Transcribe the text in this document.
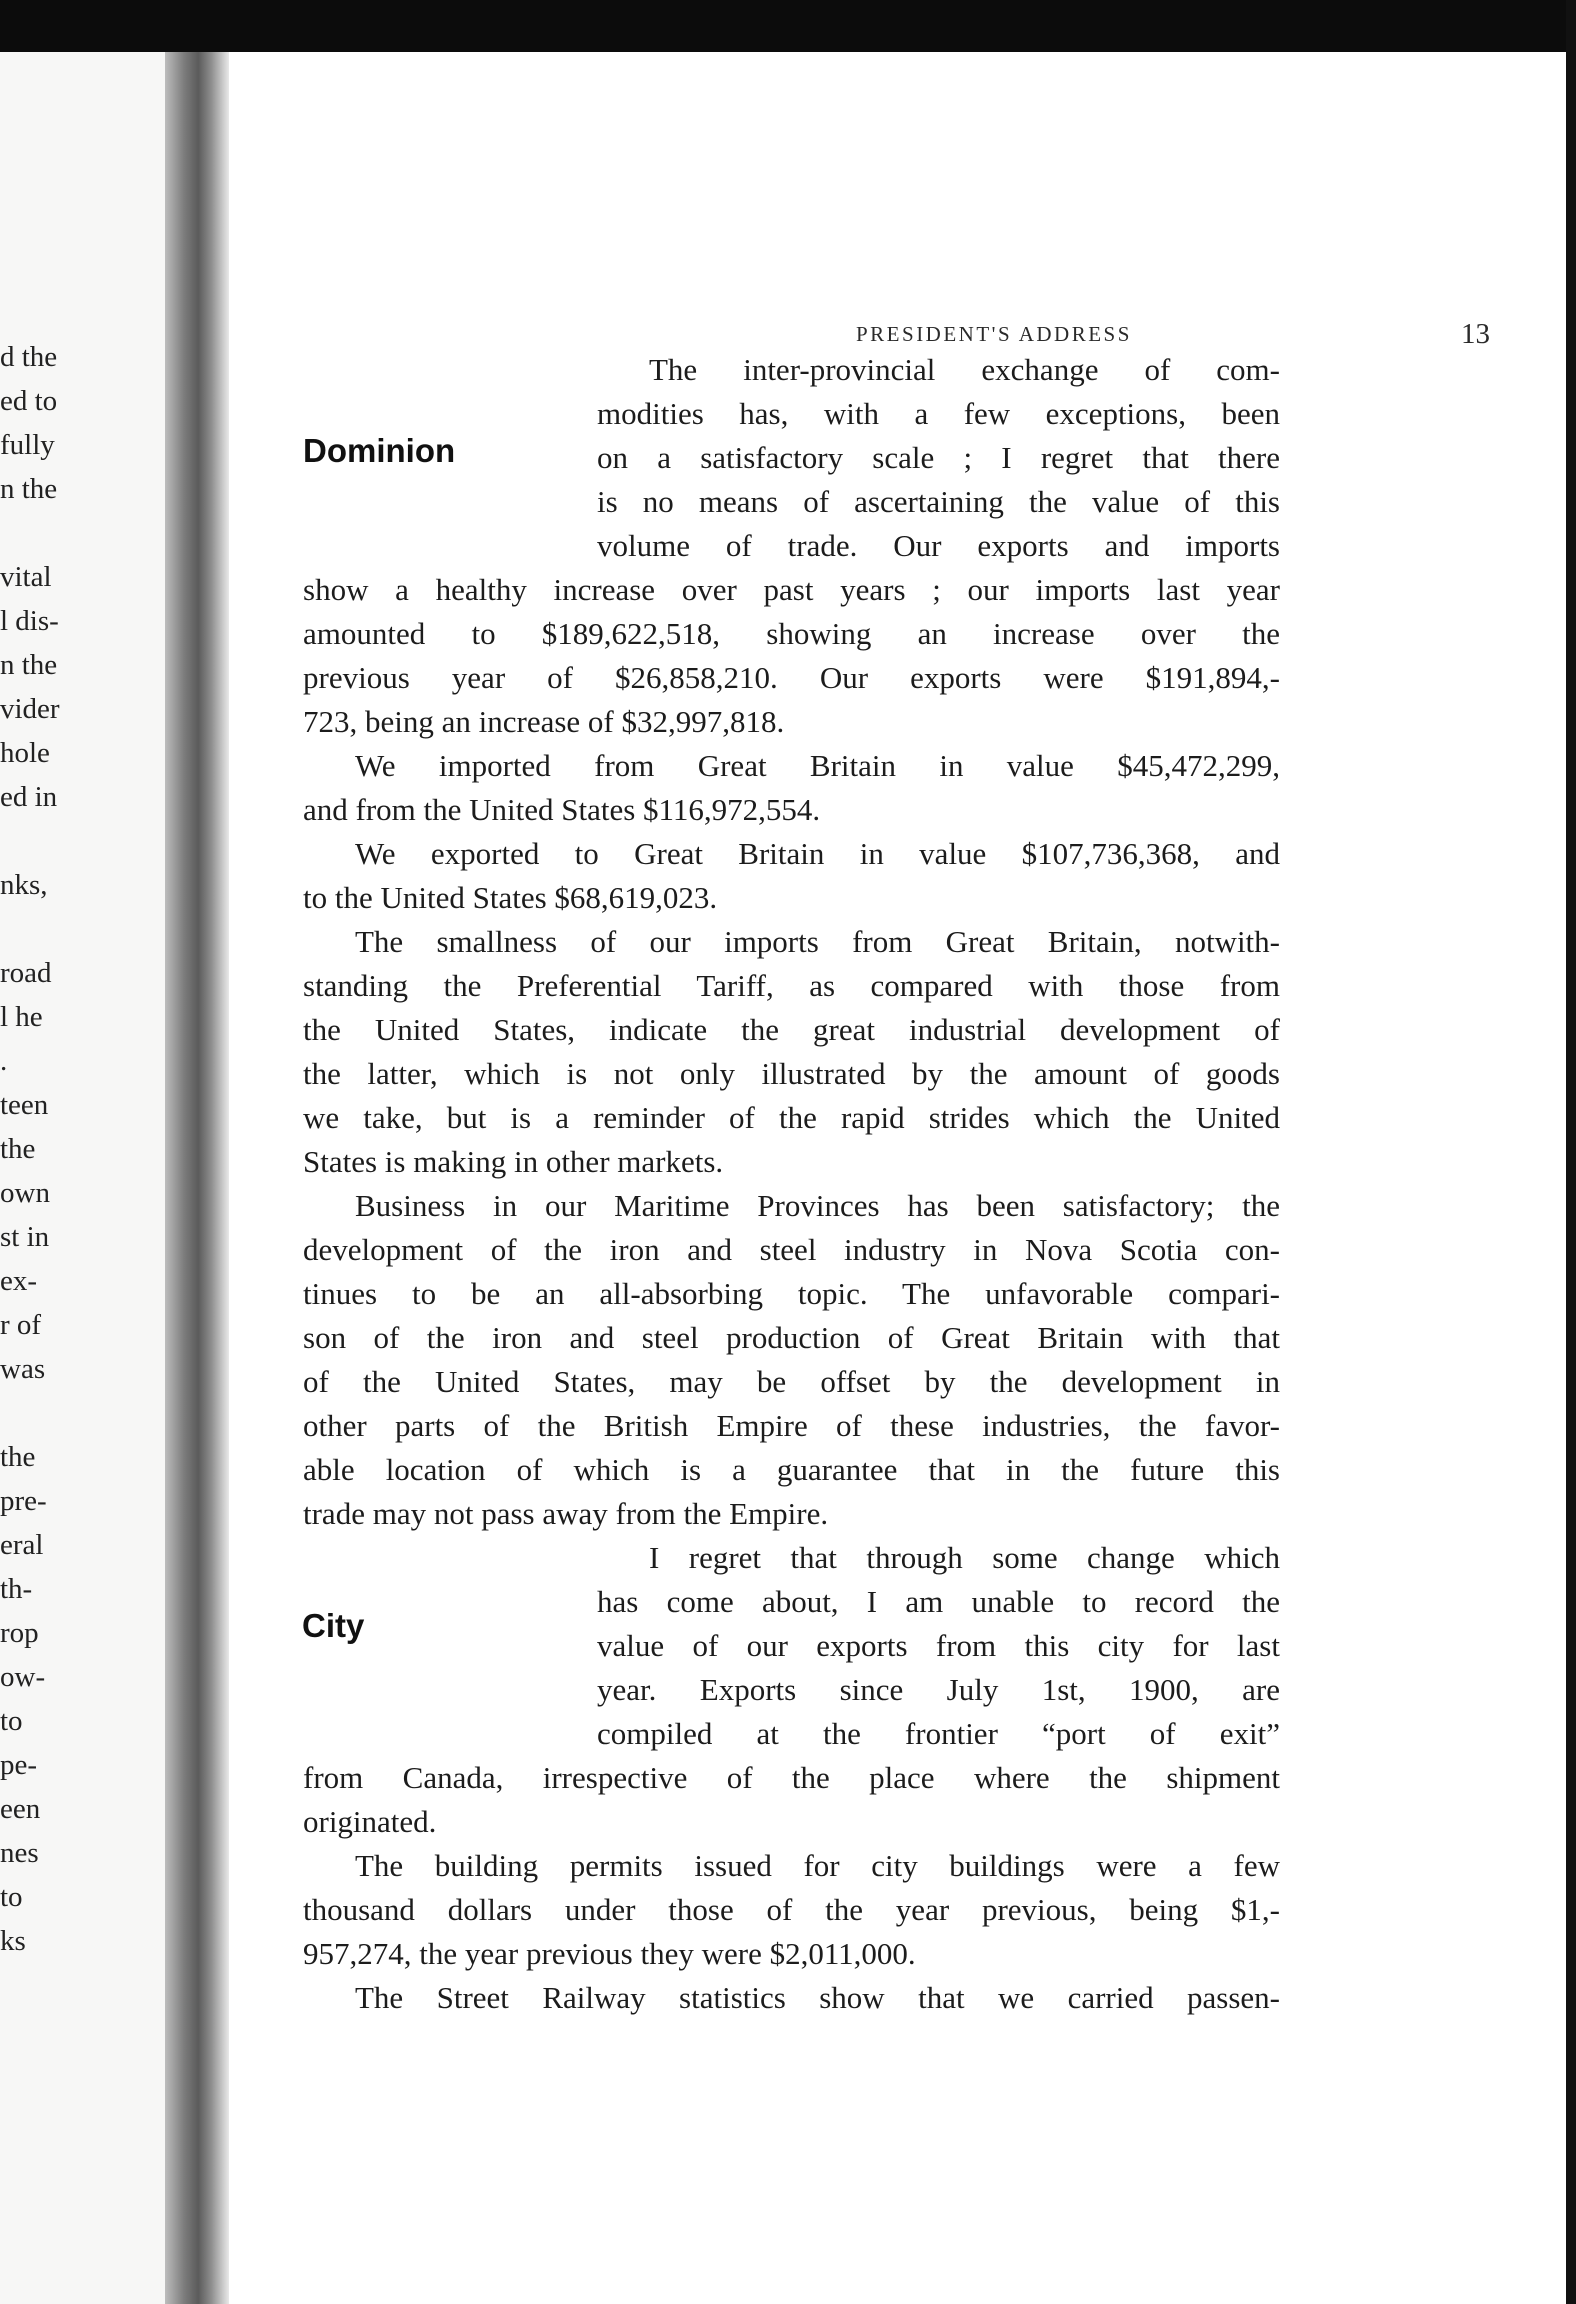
d the
ed to
fully
n the
vital
l dis-
n the
vider
hole
ed in
nks,
road
l he
.
teen
the
own
st in
ex-
r of
was
the
pre-
eral
th-
rop
ow-
to
pe-
een
nes
to
ks
PRESIDENT'S ADDRESS	13
Dominion
City
The inter-provincial exchange of com-
modities has, with a few exceptions, been
on a satisfactory scale ; I regret that there
is no means of ascertaining the value of this
volume of trade. Our exports and imports
show a healthy increase over past years ; our imports last year
amounted to $189,622,518, showing an increase over the
previous year of $26,858,210. Our exports were $191,894,-
723, being an increase of $32,997,818.
We imported from Great Britain in value $45,472,299,
and from the United States $116,972,554.
We exported to Great Britain in value $107,736,368, and
to the United States $68,619,023.
The smallness of our imports from Great Britain, notwith-
standing the Preferential Tariff, as compared with those from
the United States, indicate the great industrial development of
the latter, which is not only illustrated by the amount of goods
we take, but is a reminder of the rapid strides which the United
States is making in other markets.
Business in our Maritime Provinces has been satisfactory; the
development of the iron and steel industry in Nova Scotia con-
tinues to be an all-absorbing topic. The unfavorable compari-
son of the iron and steel production of Great Britain with that
of the United States, may be offset by the development in
other parts of the British Empire of these industries, the favor-
able location of which is a guarantee that in the future this
trade may not pass away from the Empire.
I regret that through some change which
has come about, I am unable to record the
value of our exports from this city for last
year. Exports since July 1st, 1900, are
compiled at the frontier “port of exit”
from Canada, irrespective of the place where the shipment
originated.
The building permits issued for city buildings were a few
thousand dollars under those of the year previous, being $1,-
957,274, the year previous they were $2,011,000.
The Street Railway statistics show that we carried passen-
